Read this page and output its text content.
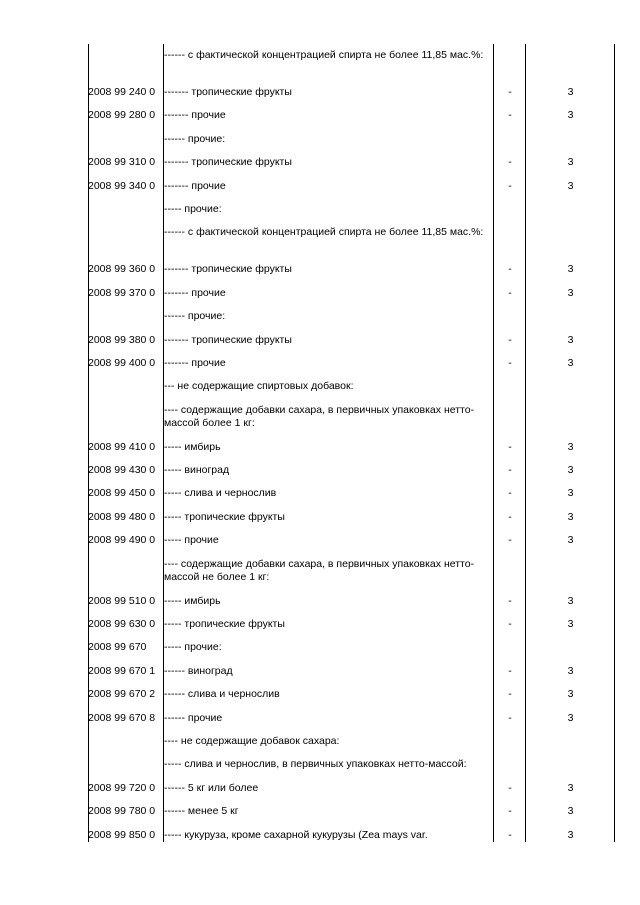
------ с фактической концентрацией спирта не более 11,85 мас.%:
2008 99 240 0 ------- тропические фрукты	-	3
2008 99 280 0 ------- прочие	-	3
------ прочие:
2008 99 310 0 ------- тропические фрукты	-	3
2008 99 340 0 ------- прочие	-	3
----- прочие:
------ с фактической концентрацией спирта не более 11,85 мас.%:
2008 99 360 0 ------- тропические фрукты	-	3
2008 99 370 0 ------- прочие	-	3
------ прочие:
2008 99 380 0 ------- тропические фрукты	-	3
2008 99 400 0 ------- прочие	-	3
--- не содержащие спиртовых добавок:
---- содержащие добавки сахара, в первичных упаковках нетто-массой более 1 кг:
2008 99 410 0 ----- имбирь	-	3
2008 99 430 0 ----- виноград	-	3
2008 99 450 0 ----- слива и чернослив	-	3
2008 99 480 0 ----- тропические фрукты	-	3
2008 99 490 0 ----- прочие	-	3
---- содержащие добавки сахара, в первичных упаковках нетто-массой не более 1 кг:
2008 99 510 0 ----- имбирь	-	3
2008 99 630 0 ----- тропические фрукты	-	3
2008 99 670	----- прочие:
2008 99 670 1 ------ виноград	-	3
2008 99 670 2 ------ слива и чернослив	-	3
2008 99 670 8 ------ прочие	-	3
---- не содержащие добавок сахара:
----- слива и чернослив, в первичных упаковках нетто-массой:
2008 99 720 0 ------ 5 кг или более	-	3
2008 99 780 0 ------ менее 5 кг	-	3
2008 99 850 0 ----- кукуруза, кроме сахарной кукурузы (Zea mays var.	-	3
